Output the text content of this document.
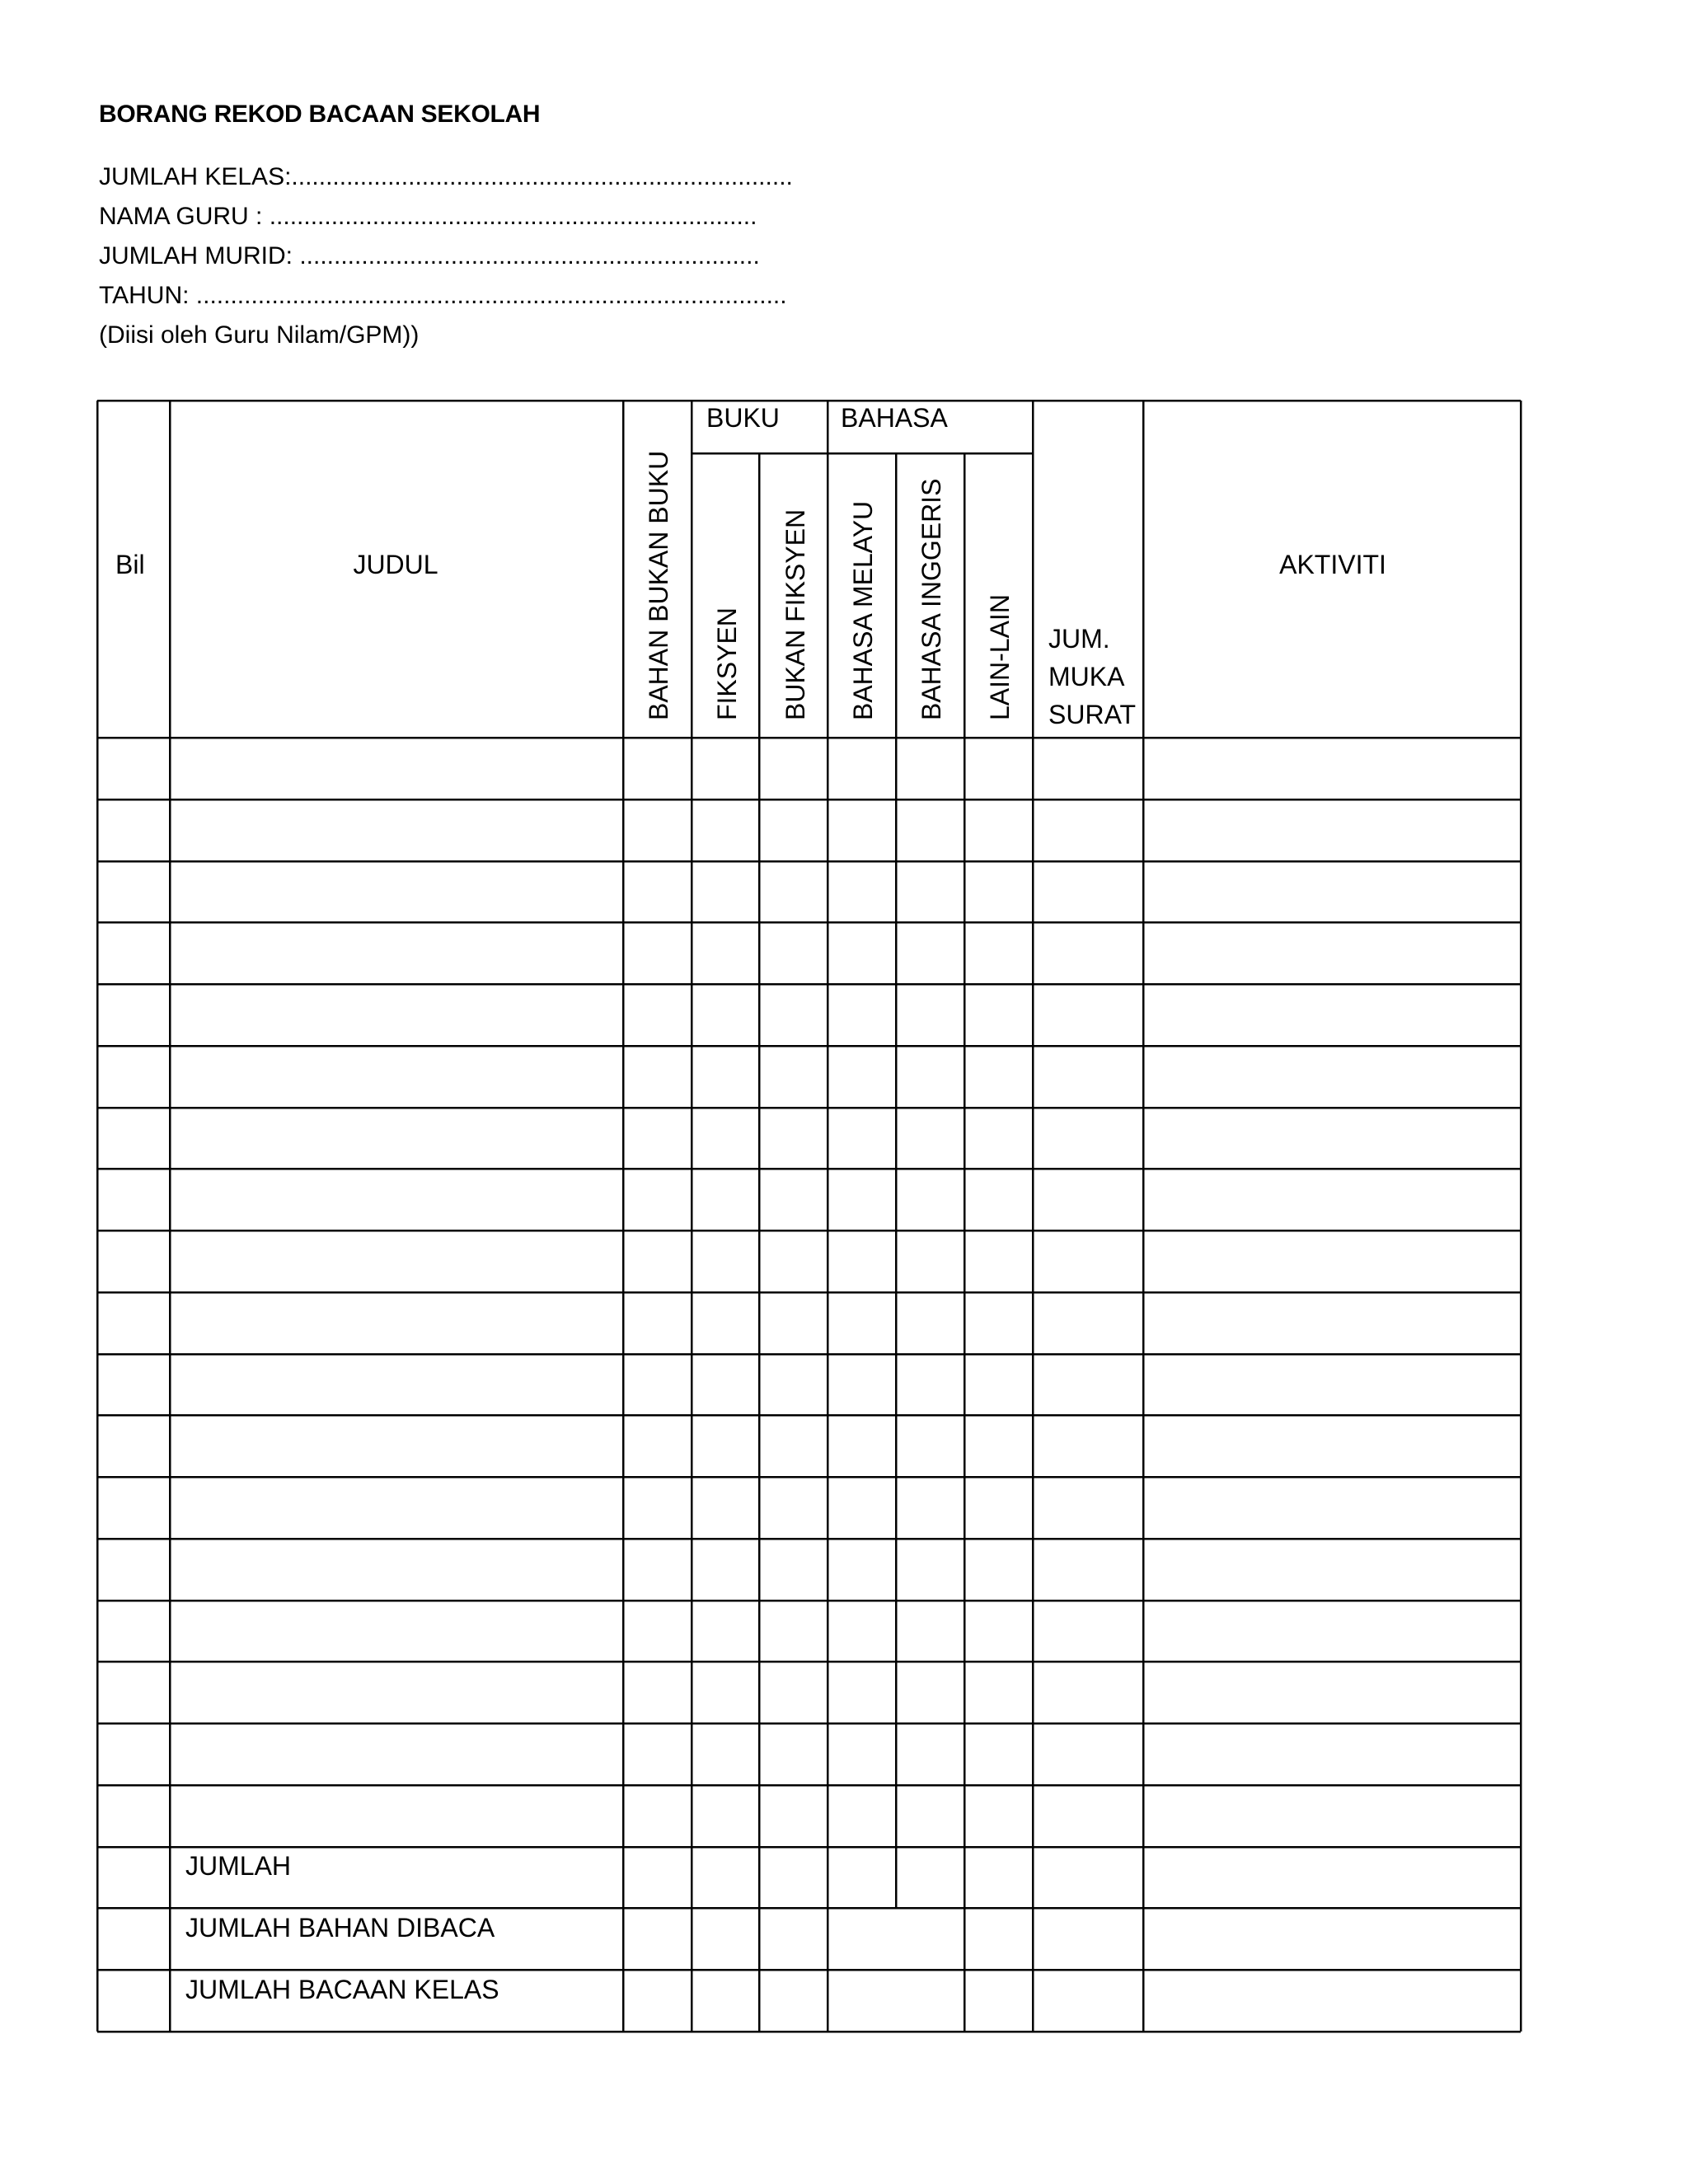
BORANG REKOD BACAAN SEKOLAH
JUMLAH KELAS:.........................................................................
NAMA GURU : .......................................................................
JUMLAH MURID: ...................................................................
TAHUN: ......................................................................................
(Diisi oleh Guru Nilam/GPM))
Bil	JUDUL	BAHAN BUKAN BUKU
BUKU BAHASA
FIKSYEN BUKAN FIKSYEN BAHASA MELAYU BAHASA INGGERIS LAIN-LAIN JUM.
MUKA
SURAT
AKTIVITI
JUMLAH
JUMLAH BAHAN DIBACA
JUMLAH BACAAN KELAS
